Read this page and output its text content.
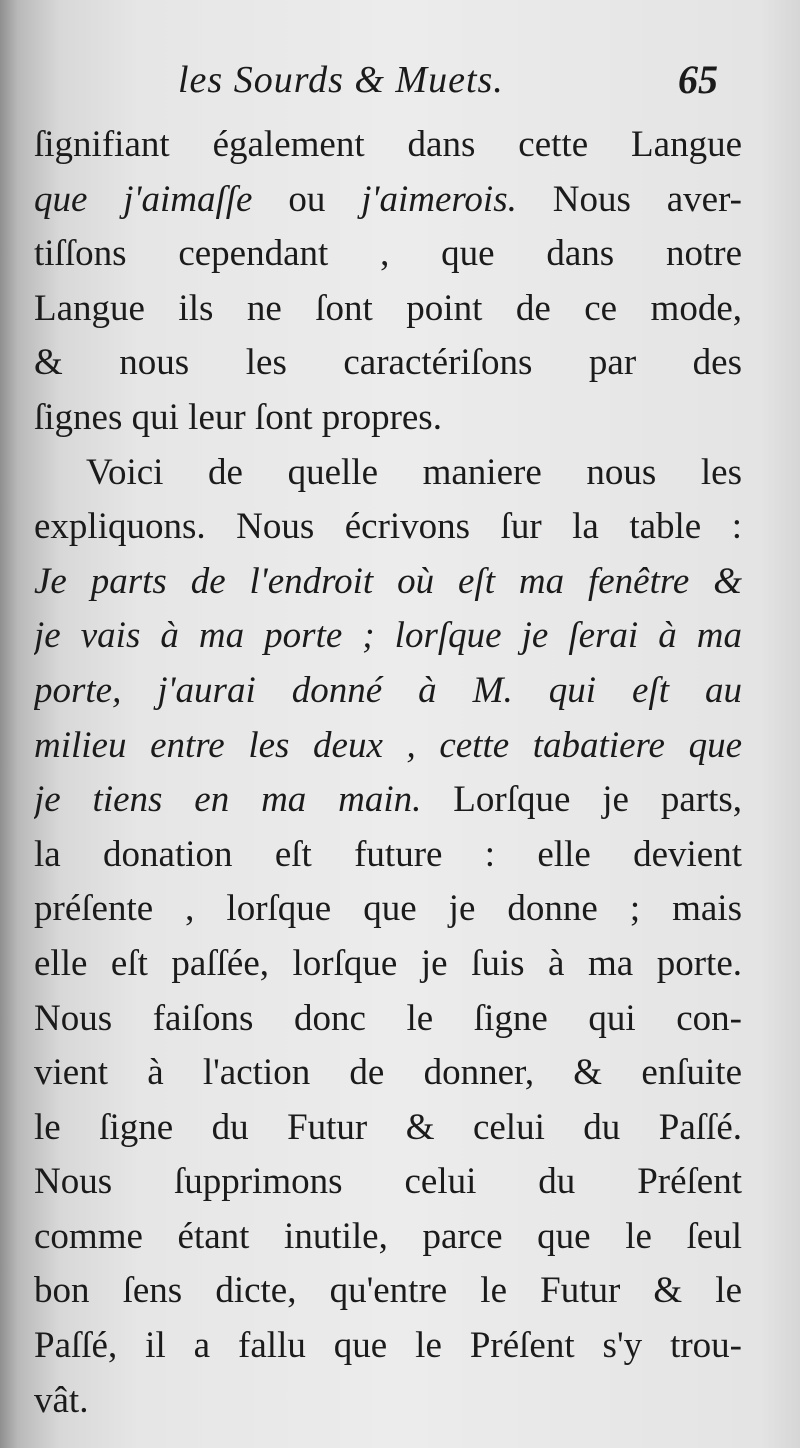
les Sourds & Muets.	65
ſignifiant également dans cette Langue
que j'aimaſſe ou j'aimerois. Nous aver-
tiſſons cependant , que dans notre
Langue ils ne ſont point de ce mode,
& nous les caractériſons par des
ſignes qui leur ſont propres.
Voici de quelle maniere nous les
expliquons. Nous écrivons ſur la table :
Je parts de l'endroit où eſt ma fenêtre &
je vais à ma porte ; lorſque je ſerai à ma
porte, j'aurai donné à M. qui eſt au
milieu entre les deux , cette tabatiere que
je tiens en ma main. Lorſque je parts,
la donation eſt future : elle devient
préſente , lorſque que je donne ; mais
elle eſt paſſée, lorſque je ſuis à ma porte.
Nous faiſons donc le ſigne qui con-
vient à l'action de donner, & enſuite
le ſigne du Futur & celui du Paſſé.
Nous ſupprimons celui du Préſent
comme étant inutile, parce que le ſeul
bon ſens dicte, qu'entre le Futur & le
Paſſé, il a fallu que le Préſent s'y trou-
vât.
